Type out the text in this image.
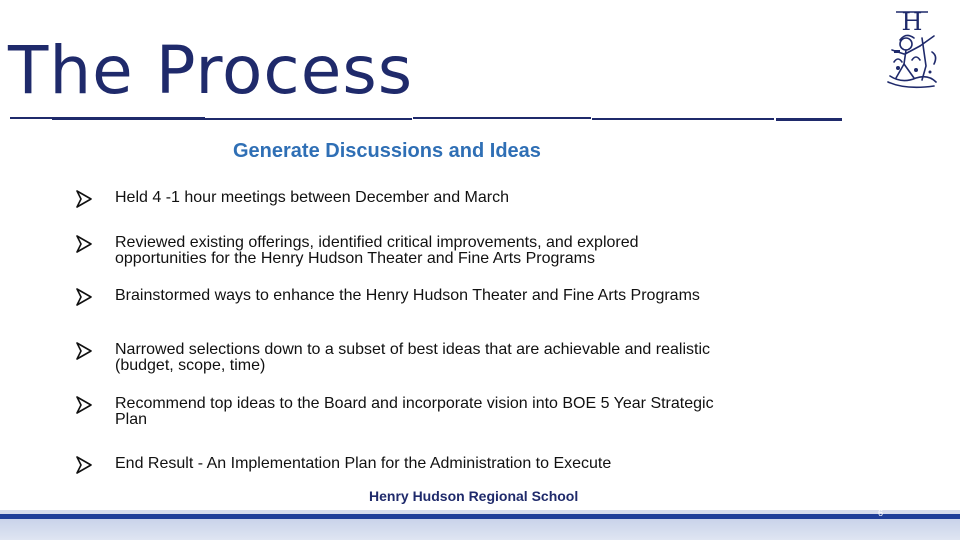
The Process
H
Generate Discussions and Ideas
Held 4 -1 hour meetings between December and March
Reviewed existing offerings, identified critical improvements, and explored opportunities for the Henry Hudson Theater and Fine Arts Programs
Brainstormed ways to enhance the Henry Hudson Theater and Fine Arts Programs
Narrowed selections down to a subset of best ideas that are achievable and realistic (budget, scope, time)
Recommend top ideas to the Board and incorporate vision into BOE 5 Year Strategic Plan
End Result - An Implementation Plan for the Administration to Execute
Henry Hudson Regional School
6
